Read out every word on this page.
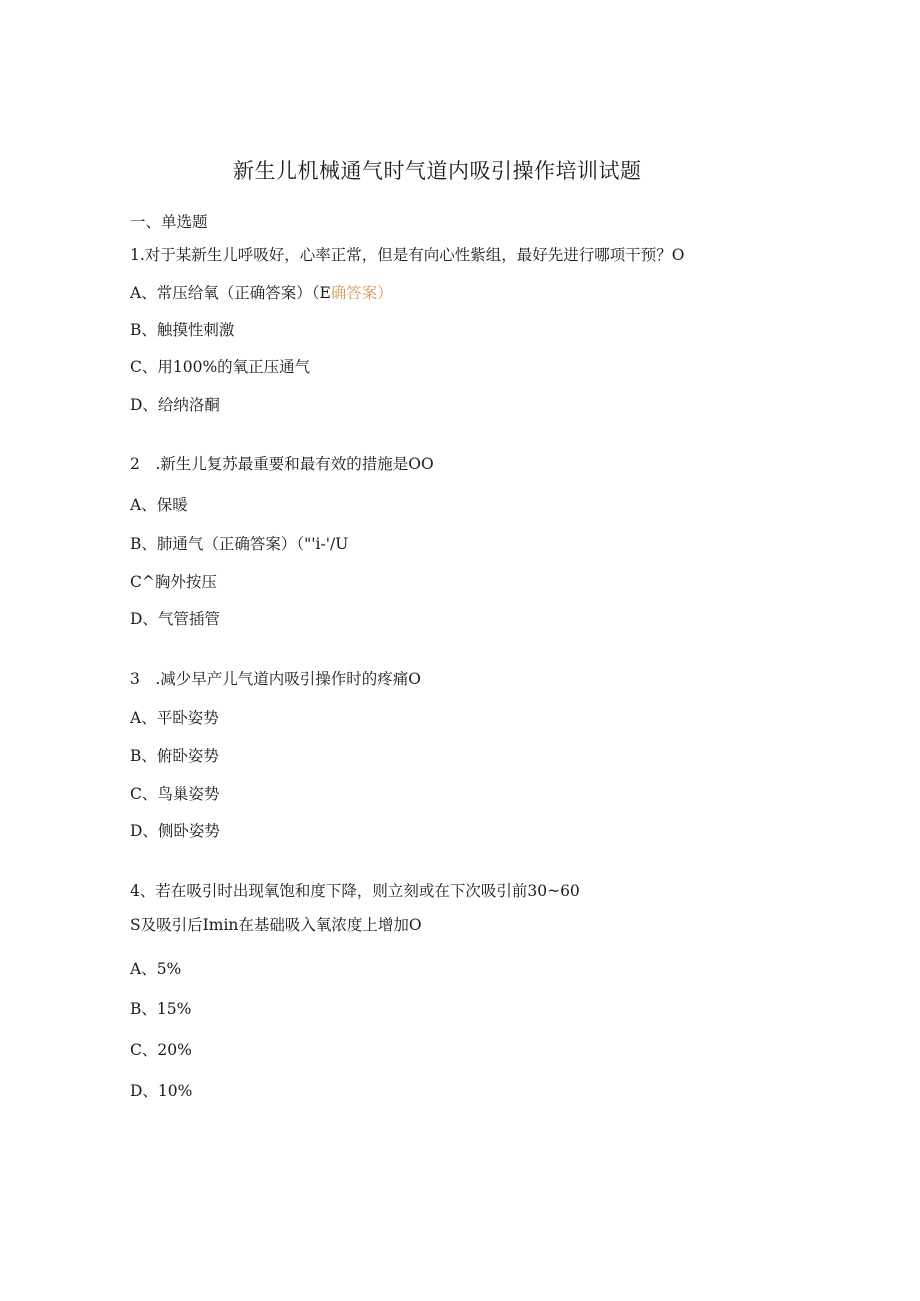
新生儿机械通气时气道内吸引操作培训试题
一、单选题
1.对于某新生儿呼吸好，心率正常，但是有向心性紫组，最好先进行哪项干预？O
A、常压给氧（正确答案）（E确答案）
B、触摸性刺激
C、用100%的氧正压通气
D、给纳洛酮
2　.新生儿复苏最重要和最有效的措施是OO
A、保暖
B、肺通气（正确答案）（"'i-'/U
C^胸外按压
D、气管插管
3　.减少早产儿气道内吸引操作时的疼痛O
A、平卧姿势
B、俯卧姿势
C、鸟巢姿势
D、侧卧姿势
4、若在吸引时出现氧饱和度下降，则立刻或在下次吸引前30~60
S及吸引后Imin在基础吸入氧浓度上增加O
A、5%
B、15%
C、20%
D、10%
